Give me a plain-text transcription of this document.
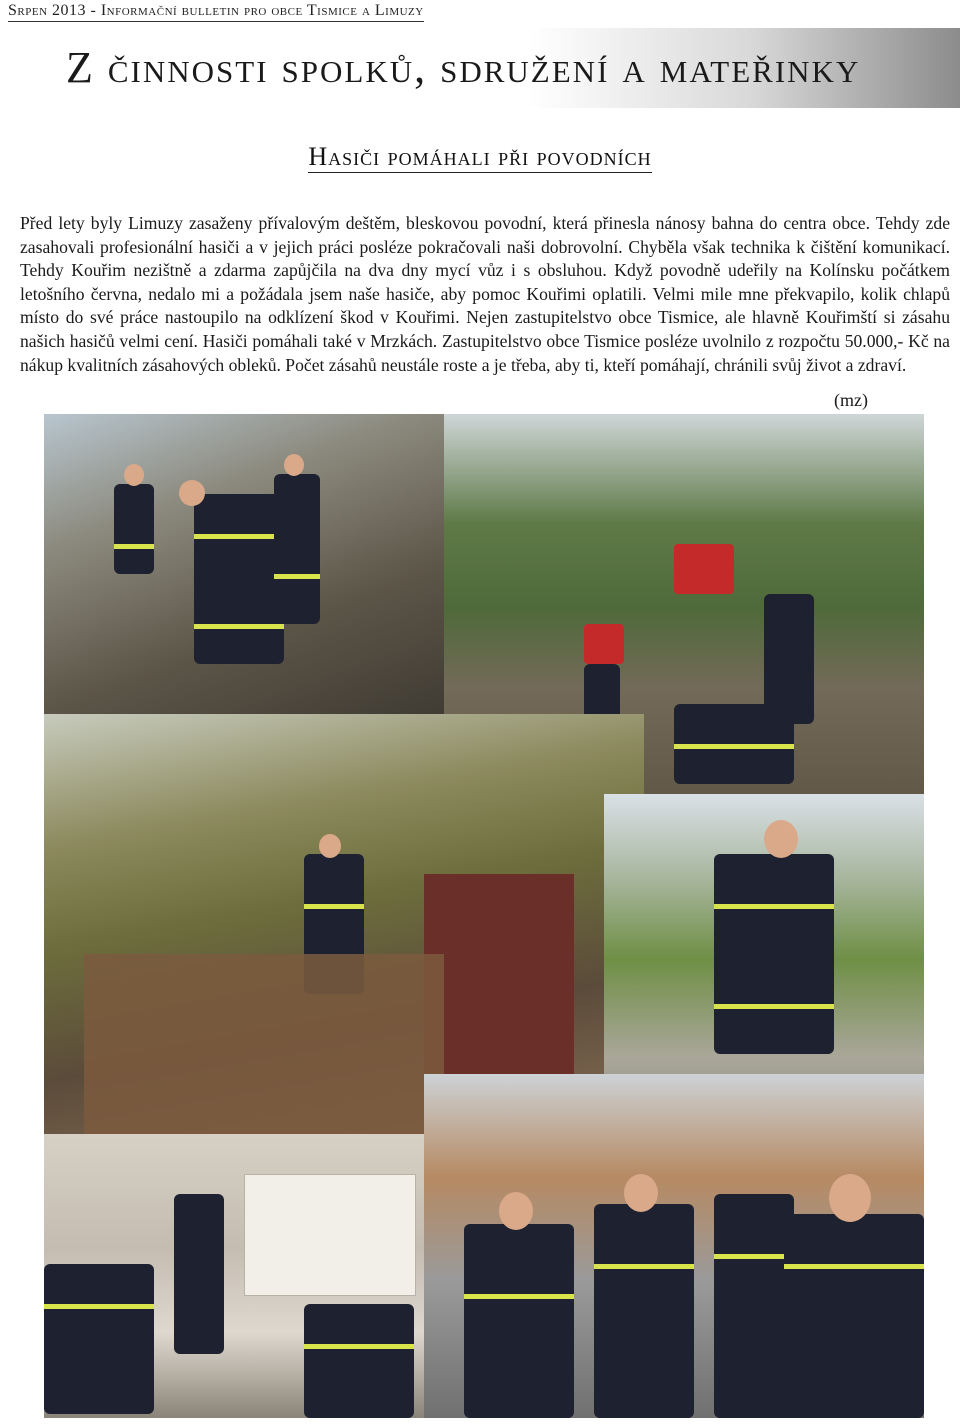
Srpen 2013 - Informační bulletin pro obce Tismice a Limuzy
Z činnosti spolků, sdružení a mateřinky
Hasiči pomáhali při povodních
Před lety byly Limuzy zasaženy přívalovým deštěm, bleskovou povodní, která přinesla nánosy bahna do centra obce. Tehdy zde zasahovali profesionální hasiči a v jejich práci posléze pokračovali naši dobrovolní. Chyběla však technika k čištění komunikací. Tehdy Kouřim nezištně a zdarma zapůjčila na dva dny mycí vůz i s obsluhou. Když povodně udeřily na Kolínsku počátkem letošního června, nedalo mi a požádala jsem naše hasiče, aby pomoc Kouřimi oplatili. Velmi mile mne překvapilo, kolik chlapů místo do své práce nastoupilo na odklízení škod v Kouřimi. Nejen zastupitelstvo obce Tismice, ale hlavně Kouřimští si zásahu našich hasičů velmi cení. Hasiči pomáhali také v Mrzkách. Zastupitelstvo obce Tismice posléze uvolnilo z rozpočtu 50.000,- Kč na nákup kvalitních zásahových obleků. Počet zásahů neustále roste a je třeba, aby ti, kteří pomáhají, chránili svůj život a zdraví.
(mz)
